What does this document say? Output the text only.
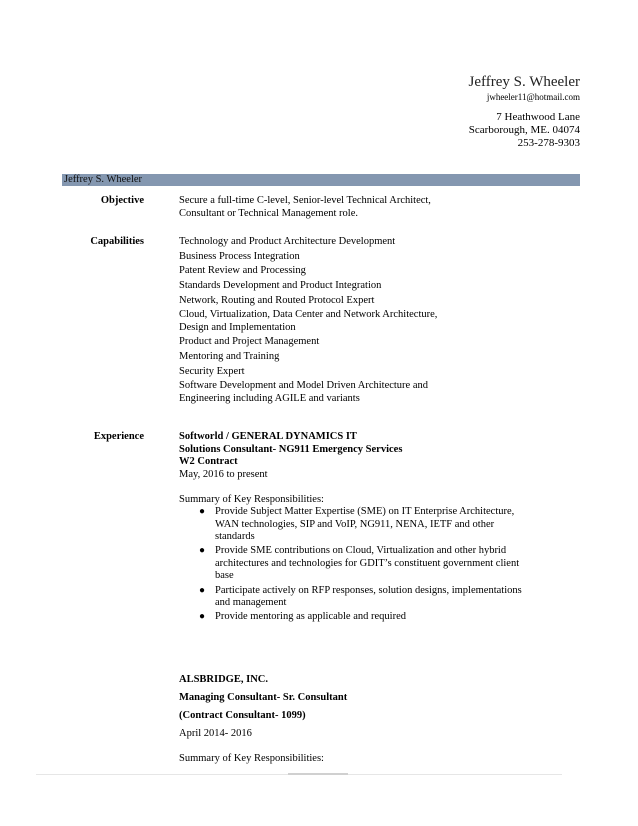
Jeffrey S. Wheeler
jwheeler11@hotmail.com
7 Heathwood Lane
Scarborough, ME. 04074
253-278-9303
Jeffrey S. Wheeler
Objective	Secure a full-time C-level, Senior-level Technical Architect,
Consultant or Technical Management role.
Capabilities	Technology and Product Architecture Development
Business Process Integration
Patent Review and Processing
Standards Development and Product Integration
Network, Routing and Routed Protocol Expert
Cloud, Virtualization, Data Center and Network Architecture,
Design and Implementation
Product and Project Management
Mentoring and Training
Security Expert
Software Development and Model Driven Architecture and
Engineering including AGILE and variants
Experience	Softworld / GENERAL DYNAMICS IT
Solutions Consultant- NG911 Emergency Services
W2 Contract
May, 2016 to present
Summary of Key Responsibilities:
● Provide Subject Matter Expertise (SME) on IT Enterprise Architecture,
WAN technologies, SIP and VoIP, NG911, NENA, IETF and other
standards
● Provide SME contributions on Cloud, Virtualization and other hybrid
architectures and technologies for GDIT’s constituent government client
base
● Participate actively on RFP responses, solution designs, implementations
and management
● Provide mentoring as applicable and required
ALSBRIDGE, INC.
Managing Consultant- Sr. Consultant
(Contract Consultant- 1099)
April 2014- 2016
Summary of Key Responsibilities:
